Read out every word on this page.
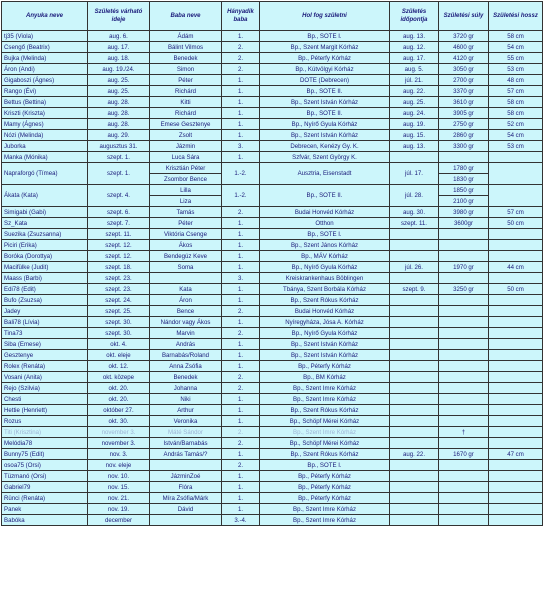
Anyuka neve	Születés várható ideje	Baba neve	Hányadik baba	Hol fog születni	Születés időpontja	Születési súly	Születési hossz
tj35 (Viola)	aug. 6.	Ádám	1.	Bp., SOTE I.	aug. 13.	3720 gr	58 cm
Csengő (Beatrix)	aug. 17.	Bálint Vilmos	2.	Bp., Szent Margit Kórház	aug. 12.	4600 gr	54 cm
Bujka (Melinda)	aug. 18.	Benedek	2.	Bp., Péterfy Kórház	aug. 17.	4120 gr	55 cm
Áron (Andi)	aug. 19./24.	Simon	2.	Bp., Kútvölgyi Kórház	aug. 5.	3050 gr	53 cm
Gigaboszi (Ágnes)	aug. 25.	Péter	1.	DOTE (Debrecen)	júl. 21.	2700 gr	48 cm
Rango (Évi)	aug. 25.	Richárd	1.	Bp., SOTE II.	aug. 22.	3370 gr	57 cm
Bettus (Bettina)	aug. 28.	Kitti	1.	Bp., Szent István Kórház	aug. 25.	3610 gr	58 cm
Kriszti (Kriszta)	aug. 28.	Richárd	1.	Bp., SOTE II.	aug. 24.	3905 gr	58 cm
Mamy (Ágnes)	aug. 28.	Emese Gesztenye	1.	Bp., Nyírő Gyula Kórház	aug. 19.	2750 gr	52 cm
Nózi (Melinda)	aug. 29.	Zsolt	1.	Bp., Szent István Kórház	aug. 15.	2860 gr	54 cm
Juborka	augusztus 31.	Jázmin	3.	Debrecen, Kenézy Gy. K.	aug. 13.	3300 gr	53 cm
Manka (Mónika)	szept. 1.	Luca Sára	1.	Szfvár, Szent György K.			
Napraforgó (Tímea)	szept. 1.	Krisztián Péter	1.-2.	Ausztria, Eisenstadt	júl. 17.	1780 gr	
		Zsombor Bence				1830 gr	
Ákata (Kata)	szept. 4.	Lilla	1.-2.	Bp., SOTE II.	júl. 28.	1850 gr	
		Liza				2100 gr	
Simigabi (Gabi)	szept. 6.	Tamás	2.	Budai Honvéd Kórház	aug. 30.	3980 gr	57 cm
Sz_Kata	szept. 7.	Péter	1.	Otthon	szept. 11.	3600gr	50 cm
Suezika (Zsuzsanna)	szept. 11.	Viktória Csenge	1.	Bp., SOTE I.			
Piciri (Erika)	szept. 12.	Ákos	1.	Bp., Szent János Kórház			
Boróka (Dorottya)	szept. 12.	Bendegúz Keve	1.	Bp., MÁV Kórház			
Macifülke (Judit)	szept. 18.	Soma	1.	Bp., Nyírő Gyula Kórház	júl. 26.	1970 gr	44 cm
Maass (Barbi)	szept. 23.		3.	Kreiskrankenhaus Böblingen			
Edi78 (Edit)	szept. 23.	Kata	1.	Tbánya, Szent Borbála Kórház	szept. 9.	3250 gr	50 cm
Bufo (Zsuzsa)	szept. 24.	Áron	1.	Bp., Szent Rókus Kórház			
Jadey	szept. 25.	Bence	2.	Budai Honvéd Kórház			
Bali78 (Lívia)	szept. 30.	Nándor vagy Ákos	1.	Nyíregyháza, Jósa A. Kórház			
Tina73	szept. 30.	Marvin	2.	Bp., Nyírő Gyula Kórház			
Siba (Emese)	okt. 4.	András	1.	Bp., Szent István Kórház			
Gesztenye	okt. eleje	Barnabás/Roland	1.	Bp., Szent István Kórház			
Rolex (Renáta)	okt. 12.	Anna Zsófia	1.	Bp., Péterfy Kórház			
Vosani (Anita)	okt. közepe	Benedek	2.	Bp., BM Kórház			
Rejo (Szilvia)	okt. 20.	Johanna	2.	Bp., Szent Imre Kórház			
Chesti	okt. 20.	Niki	1.	Bp., Szent Imre Kórház			
Hettie (Henriett)	október 27.	Arthur	1.	Bp., Szent Rókus Kórház			
Rozus	okt. 30.	Veronika	1.	Bp., Schöpf Mérei Kórház			
Titi (Krisztina)	november 3.	Máté Sándor	2.	Bp., Szent Imre Kórház		†	
Melódia78	november 3.	István/Barnabás	2.	Bp., Schöpf Mérei Kórház			
Bunny75 (Edit)	nov. 3.	András Tamás/?	1.	Bp., Szent Rókus Kórház	aug. 22.	1670 gr	47 cm
osoa75 (Orsi)	nov. eleje		2.	Bp., SOTE I.			
Tüzmanó (Orsi)	nov. 10.	JázminZoé	1.	Bp., Péterfy Kórház			
Gabriel79	nov. 15.	Flóra	1.	Bp., Péterfy Kórház			
Rünci (Renáta)	nov. 21.	Míra Zsófia/Márk	1.	Bp., Péterfy Kórház			
Panek	nov. 19.	Dávid	1.	Bp., Szent Imre Kórház			
Babóka	december		3.-4.	Bp., Szent Imre Kórház			
